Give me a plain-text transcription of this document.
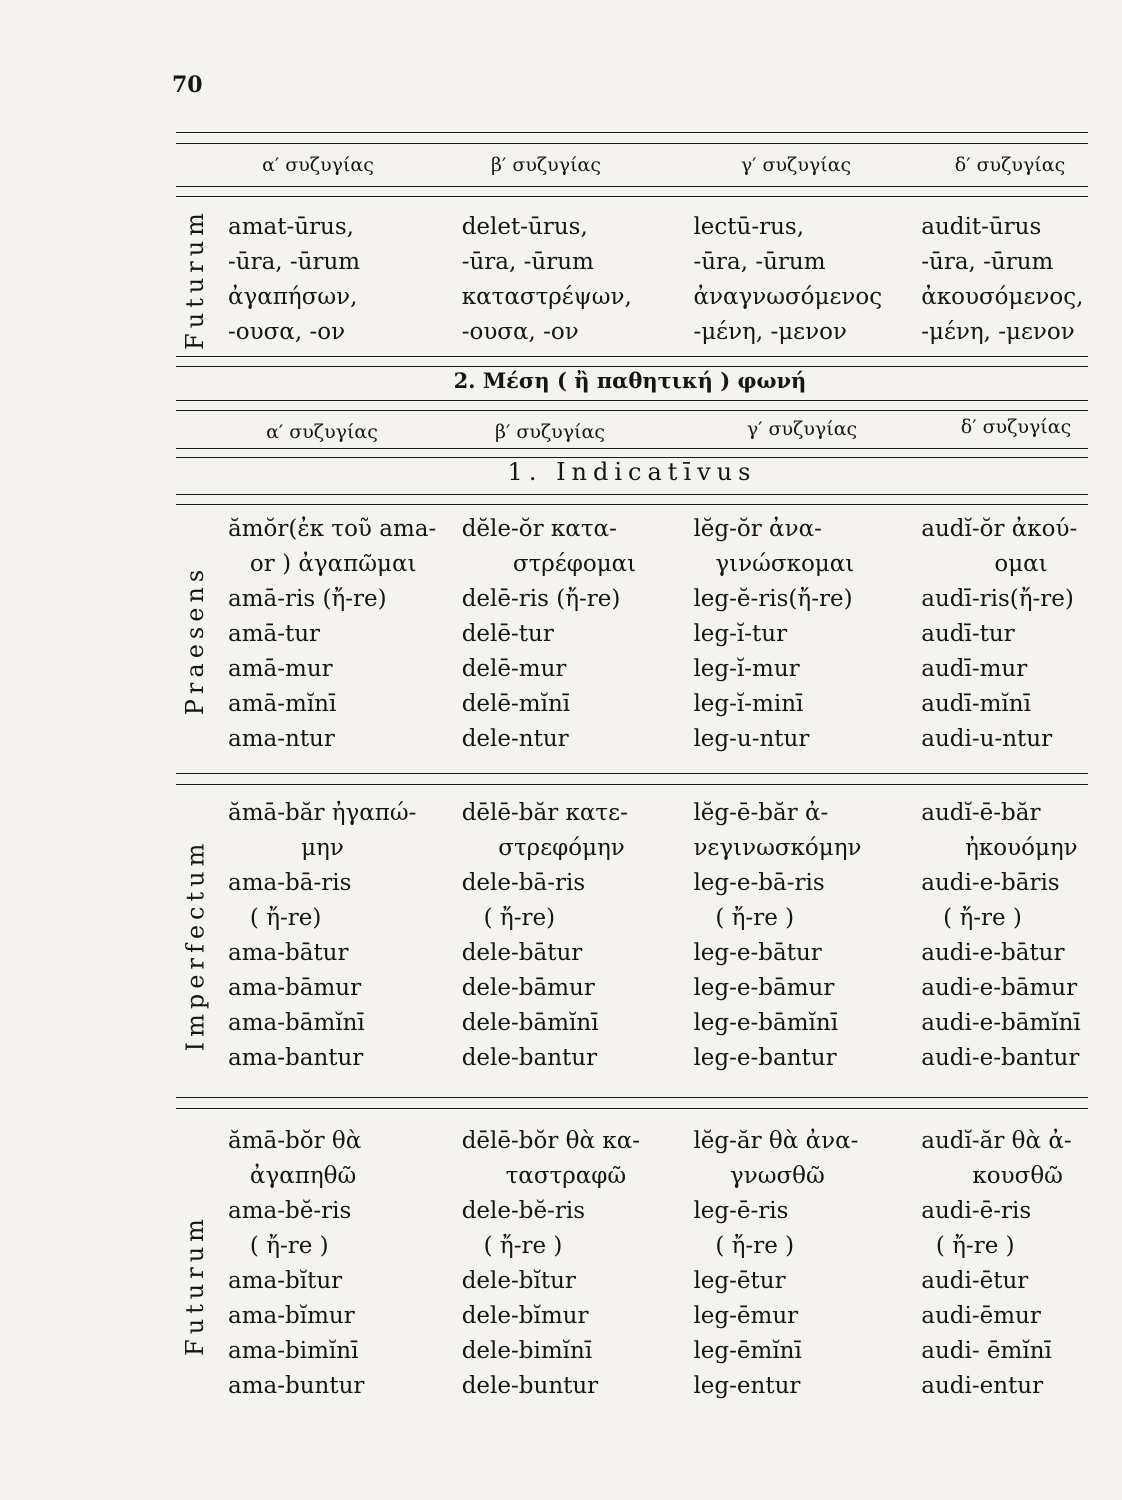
70
α′ συζυγίας	β′ συζυγίας	γ′ συζυγίας	δ′ συζυγίας
Futurum amat-ūrus,	delet-ūrus,	lectū-rus,	audit-ūrus
-ūra, -ūrum	-ūra, -ūrum	-ūra, -ūrum	-ūra, -ūrum
ἀγαπήσων,	καταστρέψων,	ἀναγνωσόμενος	ἀκουσόμενος,
-ουσα, -ον	-ουσα, -ον	-μένη, -μενον	-μένη, -μενον
2. Μέση ( ἢ παθητική ) φωνή
α′ συζυγίας	β′ συζυγίας	γ′ συζυγίας	δ′ συζυγίας
1. Indicatīvus
Praesens
ămŏr(ἐκ τοῦ ama-	dĕle-ŏr κατα-	lĕg-ŏr ἀνα-	audĭ-ŏr ἀκού-
or ) ἀγαπῶμαι	στρέφομαι	γινώσκομαι	ομαι
amā-ris (ἤ-re)	delē-ris (ἤ-re)	leg-ĕ-ris(ἤ-re)	audī-ris(ἤ-re)
amā-tur	delē-tur	leg-ĭ-tur	audī-tur
amā-mur	delē-mur	leg-ĭ-mur	audī-mur
amā-mĭnī	delē-mĭnī	leg-ĭ-minī	audī-mĭnī
ama-ntur	dele-ntur	leg-u-ntur	audi-u-ntur
Imperfectum
ămā-băr ἠγαπώ-	dēlē-băr κατε-	lĕg-ē-băr ἀ-	audĭ-ē-băr
μην	στρεφόμην	νεγινωσκόμην	ἠκουόμην
ama-bā-ris	dele-bā-ris	leg-e-bā-ris	audi-e-bāris
( ἤ-re)	( ἤ-re)	( ἤ-re )	( ἤ-re )
ama-bātur	dele-bātur	leg-e-bātur	audi-e-bātur
ama-bāmur	dele-bāmur	leg-e-bāmur	audi-e-bāmur
ama-bāmĭnī	dele-bāmĭnī	leg-e-bāmĭnī	audi-e-bāmĭnī
ama-bantur	dele-bantur	leg-e-bantur	audi-e-bantur
Futurum
ămā-bŏr θὰ	dēlē-bŏr θὰ κα-	lĕg-ăr θὰ ἀνα-	audĭ-ăr θὰ ἀ-
ἀγαπηθῶ	ταστραφῶ	γνωσθῶ	κουσθῶ
ama-bĕ-ris	dele-bĕ-ris	leg-ē-ris	audi-ē-ris
( ἤ-re )	( ἤ-re )	( ἤ-re )	( ἤ-re )
ama-bĭtur	dele-bĭtur	leg-ētur	audi-ētur
ama-bĭmur	dele-bĭmur	leg-ēmur	audi-ēmur
ama-bimĭnī	dele-bimĭnī	leg-ēmĭnī	audi- ēmĭnī
ama-buntur	dele-buntur	leg-entur	audi-entur
